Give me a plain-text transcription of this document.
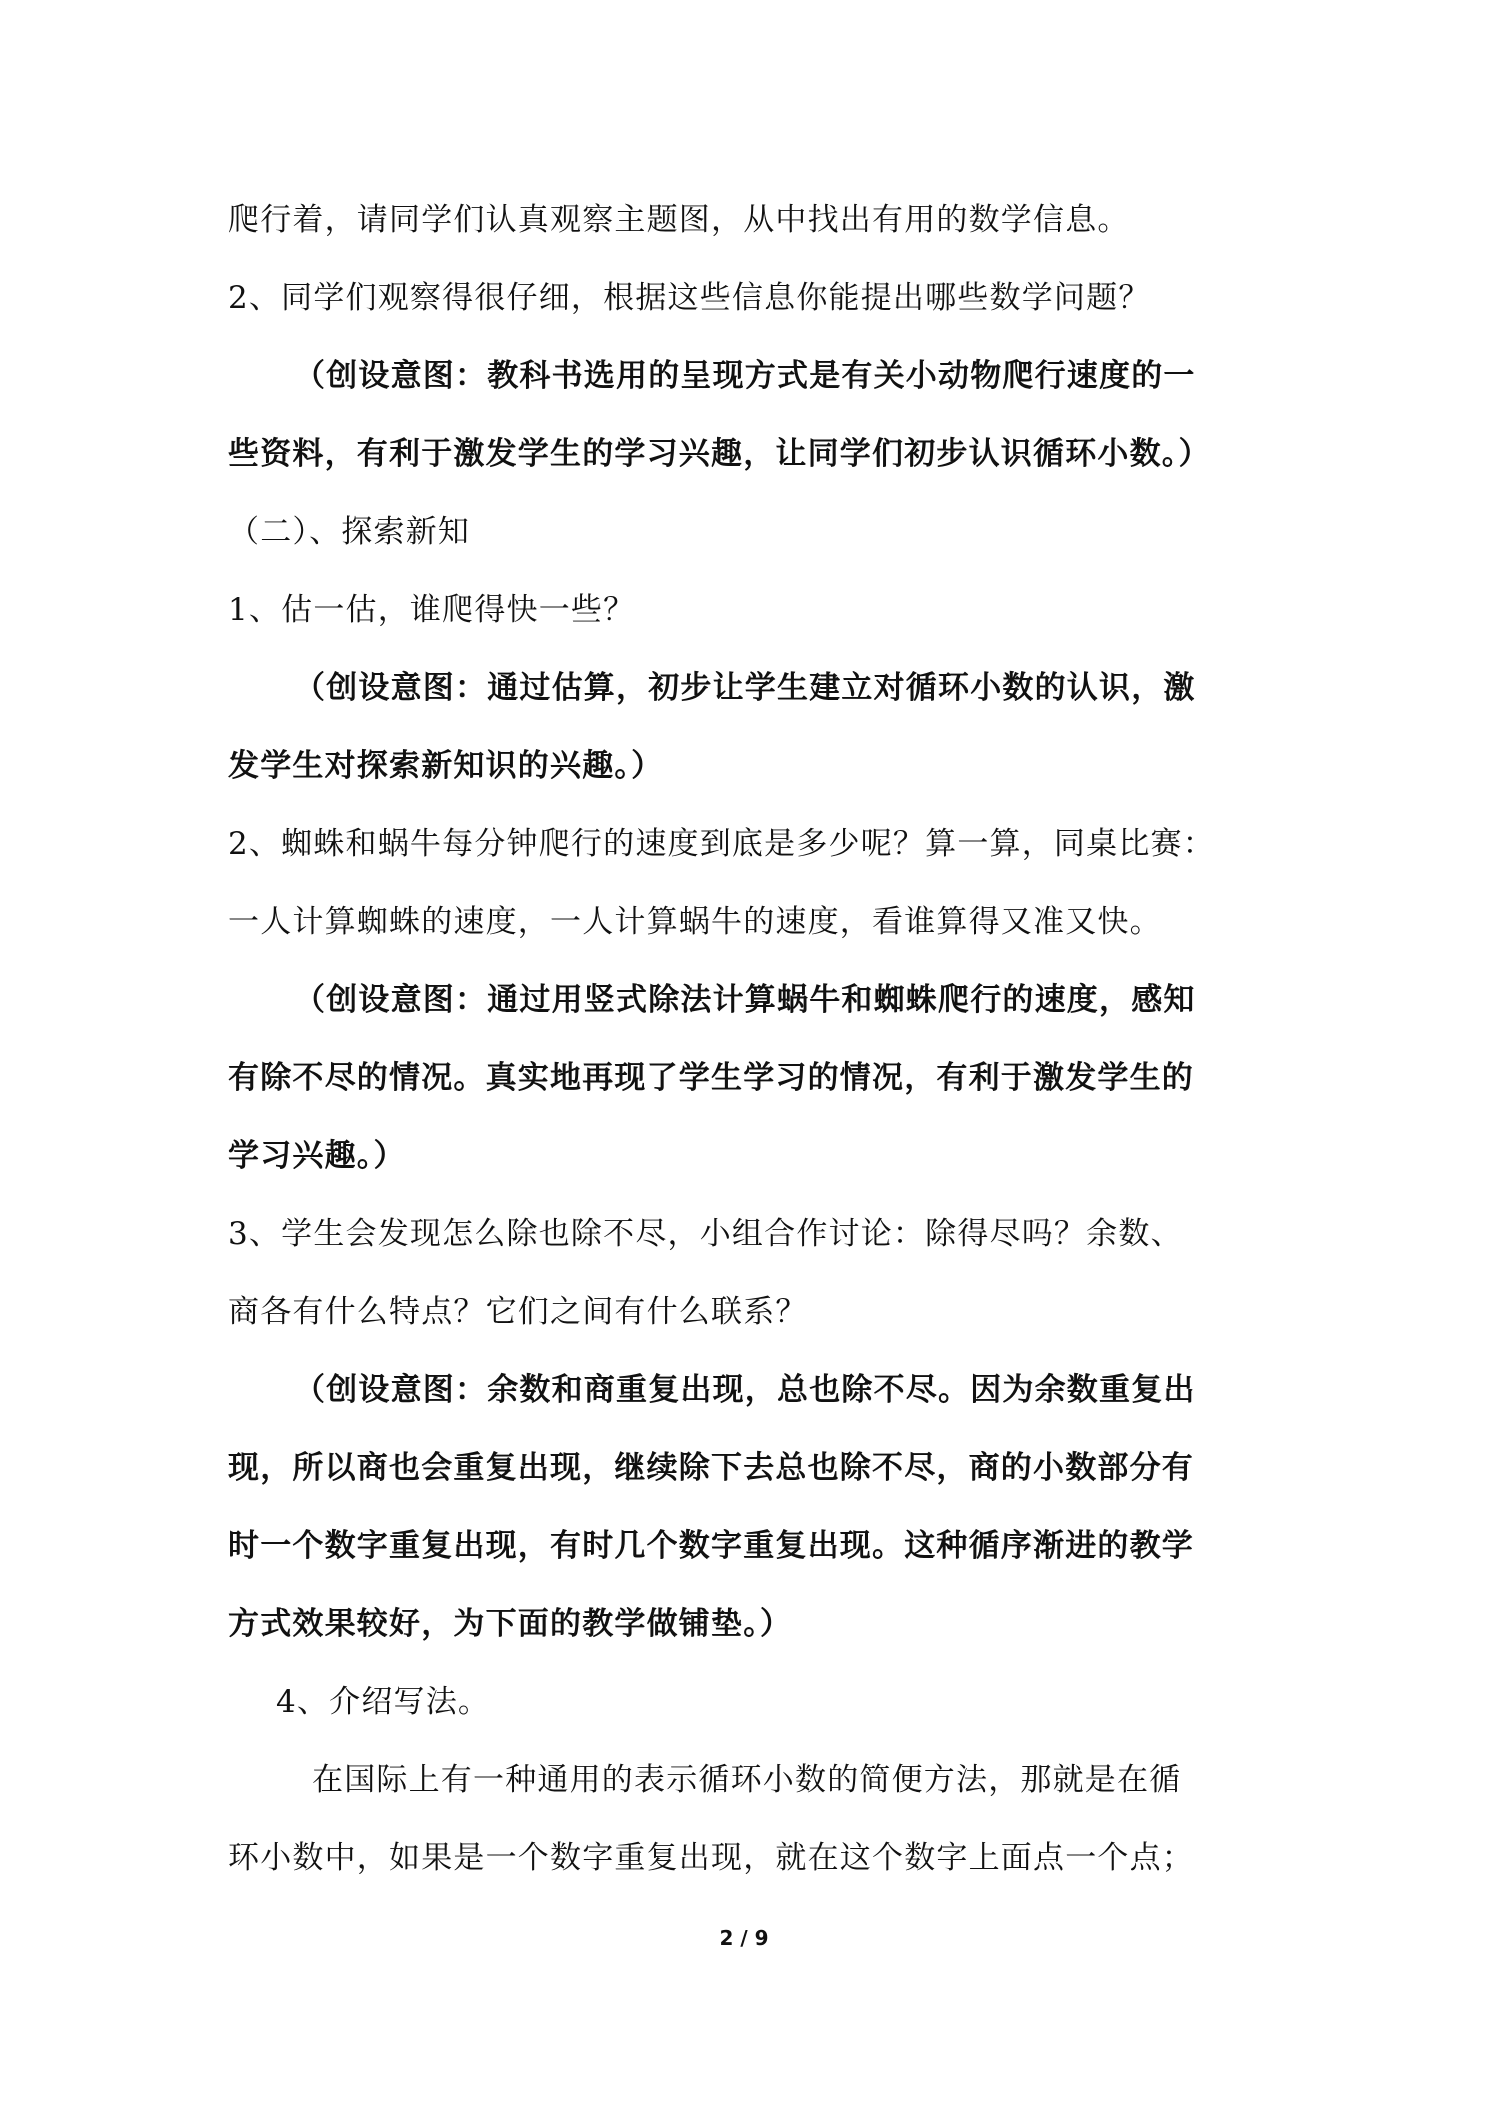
爬行着，请同学们认真观察主题图，从中找出有用的数学信息。
2、同学们观察得很仔细，根据这些信息你能提出哪些数学问题？
（创设意图：教科书选用的呈现方式是有关小动物爬行速度的一
些资料，有利于激发学生的学习兴趣，让同学们初步认识循环小数。）
（二）、探索新知
1、估一估，谁爬得快一些？
（创设意图：通过估算，初步让学生建立对循环小数的认识，激
发学生对探索新知识的兴趣。）
2、蜘蛛和蜗牛每分钟爬行的速度到底是多少呢？算一算，同桌比赛：
一人计算蜘蛛的速度，一人计算蜗牛的速度，看谁算得又准又快。
（创设意图：通过用竖式除法计算蜗牛和蜘蛛爬行的速度，感知
有除不尽的情况。真实地再现了学生学习的情况，有利于激发学生的
学习兴趣。）
3、学生会发现怎么除也除不尽，小组合作讨论：除得尽吗？余数、
商各有什么特点？它们之间有什么联系？
（创设意图：余数和商重复出现，总也除不尽。因为余数重复出
现，所以商也会重复出现，继续除下去总也除不尽，商的小数部分有
时一个数字重复出现，有时几个数字重复出现。这种循序渐进的教学
方式效果较好，为下面的教学做铺垫。）
4、介绍写法。
在国际上有一种通用的表示循环小数的简便方法，那就是在循
环小数中，如果是一个数字重复出现，就在这个数字上面点一个点；
2 / 9
